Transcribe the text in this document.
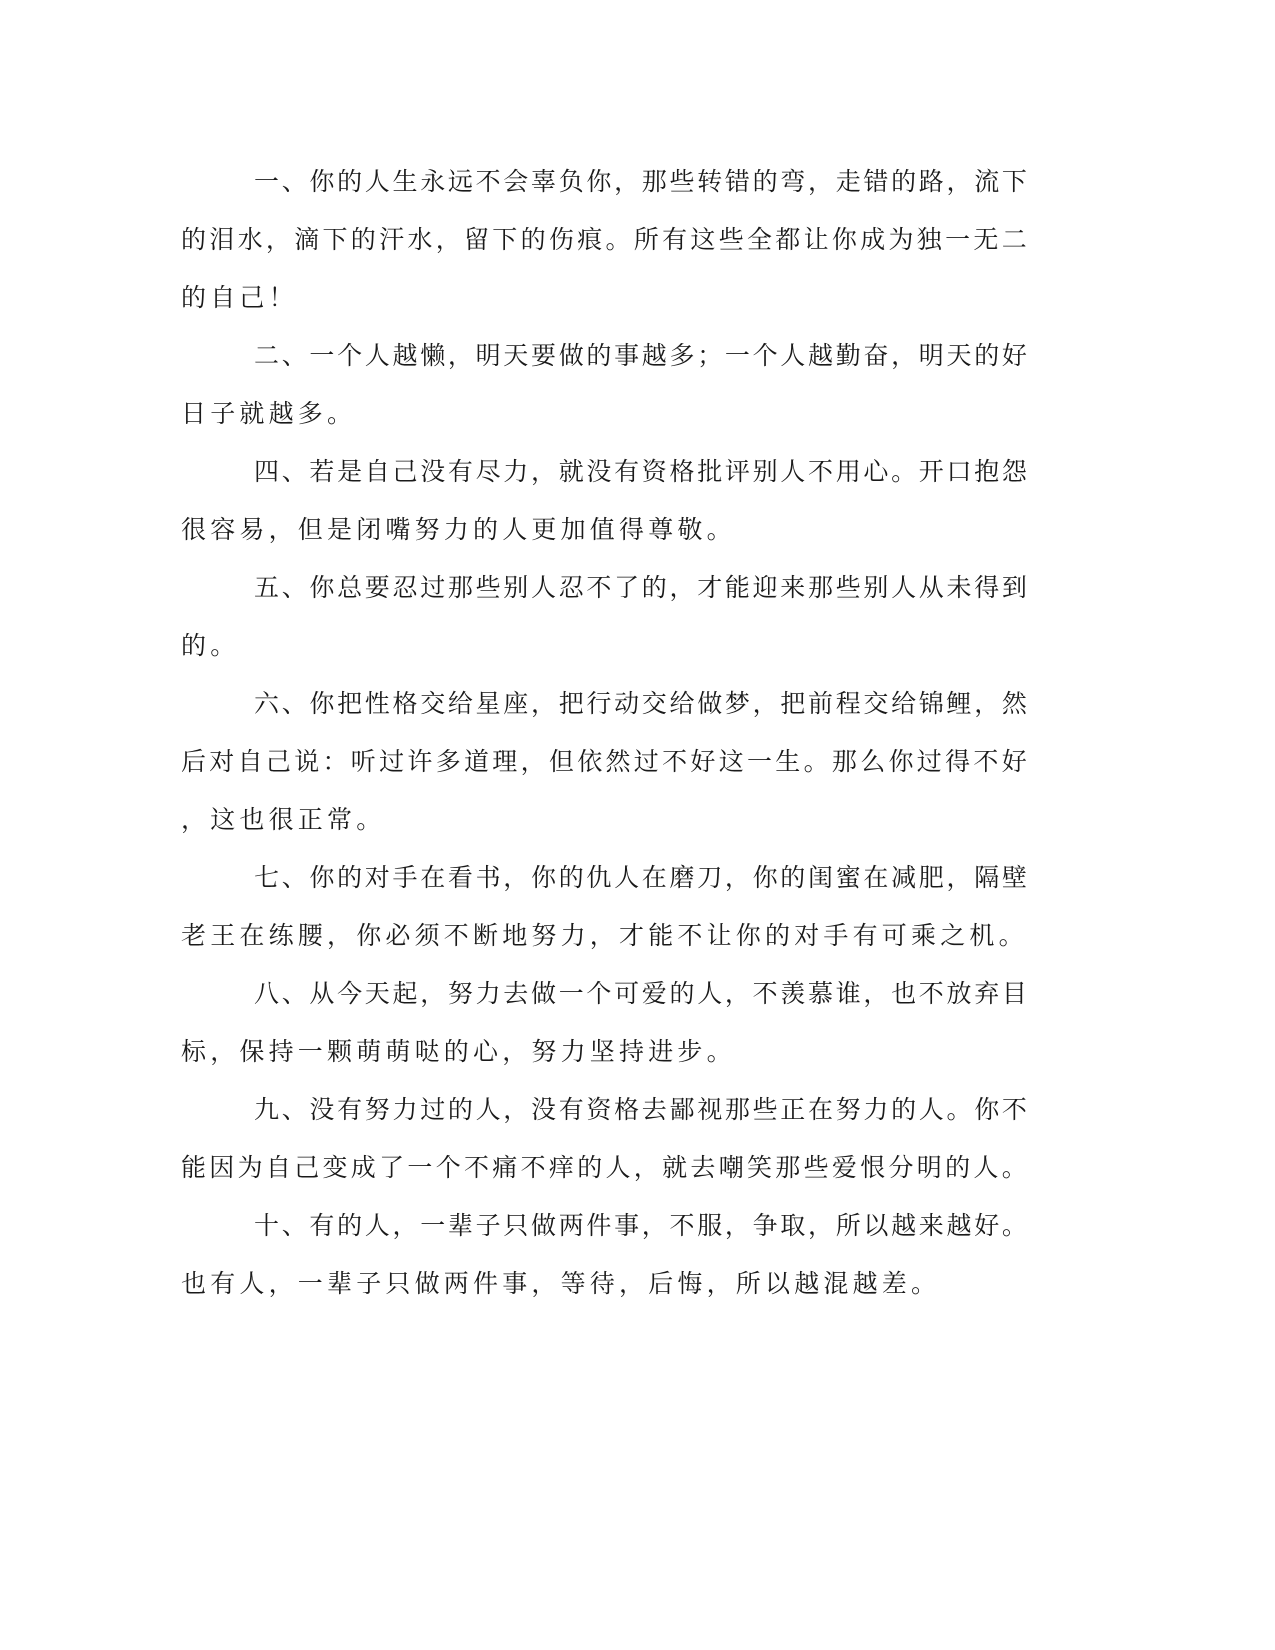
一、你的人生永远不会辜负你，那些转错的弯，走错的路，流下
的泪水，滴下的汗水，留下的伤痕。所有这些全都让你成为独一无二
的自己！
二、一个人越懒，明天要做的事越多；一个人越勤奋，明天的好
日子就越多。
四、若是自己没有尽力，就没有资格批评别人不用心。开口抱怨
很容易，但是闭嘴努力的人更加值得尊敬。
五、你总要忍过那些别人忍不了的，才能迎来那些别人从未得到
的。
六、你把性格交给星座，把行动交给做梦，把前程交给锦鲤，然
后对自己说：听过许多道理，但依然过不好这一生。那么你过得不好
，这也很正常。
七、你的对手在看书，你的仇人在磨刀，你的闺蜜在减肥，隔壁
老王在练腰，你必须不断地努力，才能不让你的对手有可乘之机。
八、从今天起，努力去做一个可爱的人，不羡慕谁，也不放弃目
标，保持一颗萌萌哒的心，努力坚持进步。
九、没有努力过的人，没有资格去鄙视那些正在努力的人。你不
能因为自己变成了一个不痛不痒的人，就去嘲笑那些爱恨分明的人。
十、有的人，一辈子只做两件事，不服，争取，所以越来越好。
也有人，一辈子只做两件事，等待，后悔，所以越混越差。
